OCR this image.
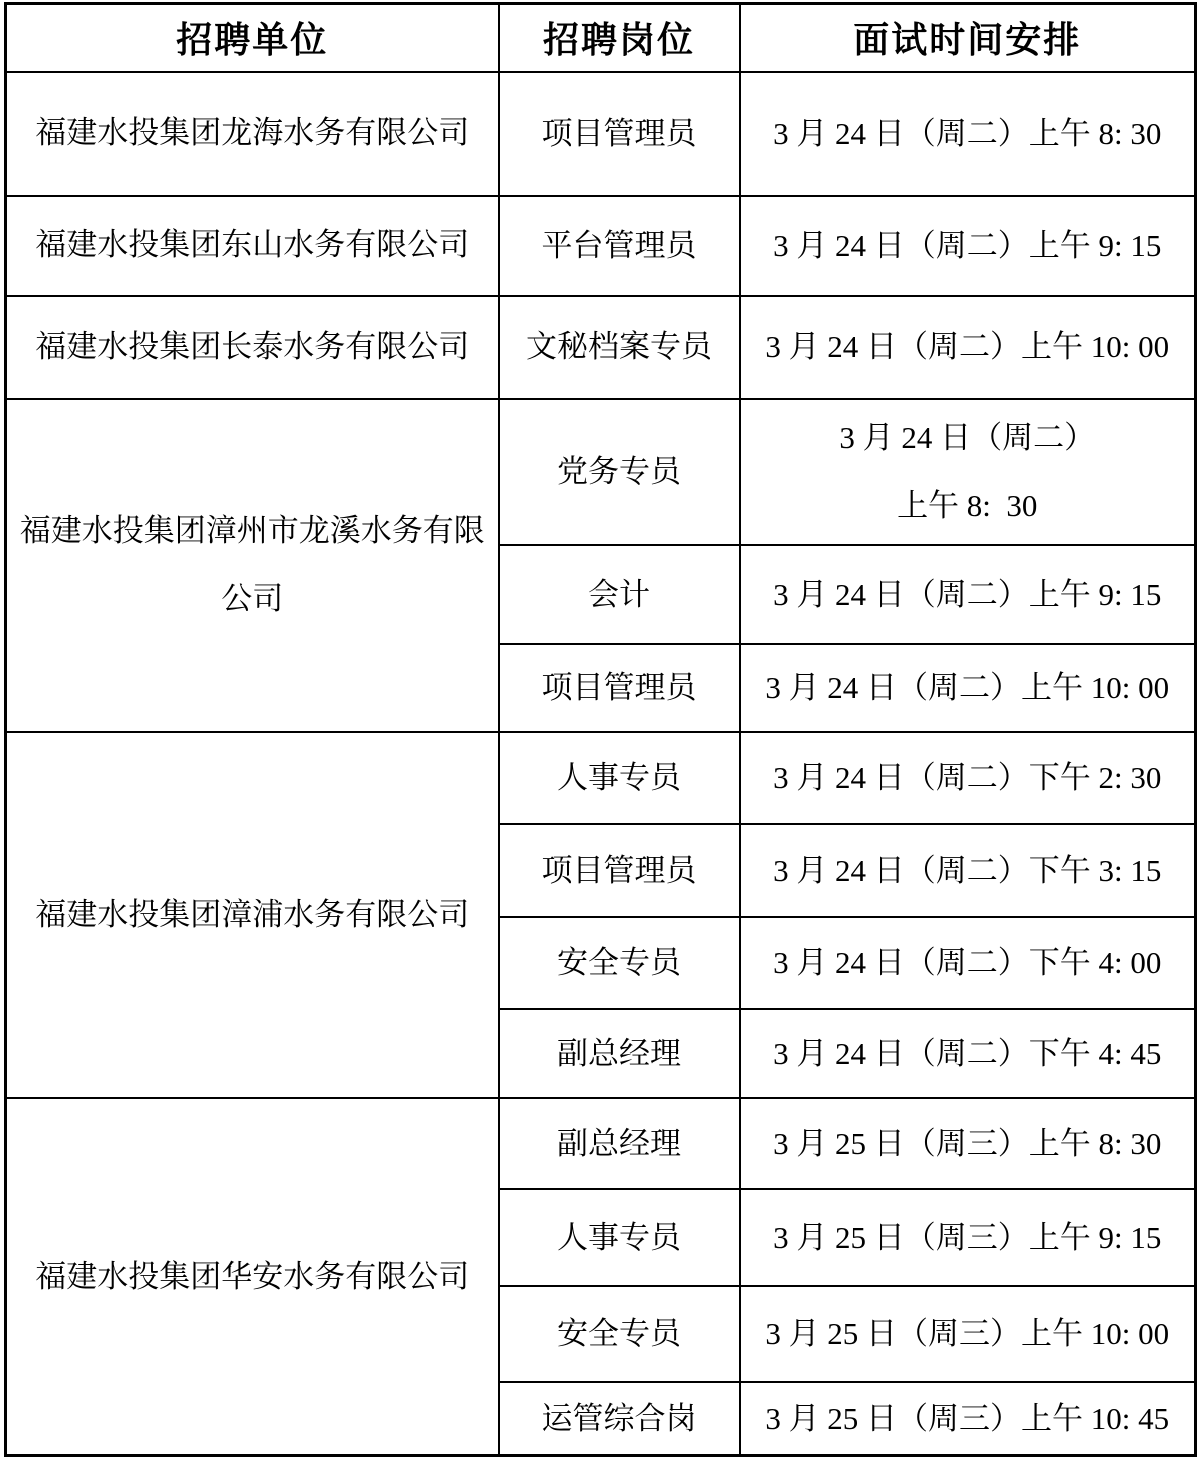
招聘单位	招聘岗位	面试时间安排
福建水投集团龙海水务有限公司	项目管理员	3 月 24 日（周二）上午 8: 30
福建水投集团东山水务有限公司	平台管理员	3 月 24 日（周二）上午 9: 15
福建水投集团长泰水务有限公司	文秘档案专员	3 月 24 日（周二）上午 10: 00
福建水投集团漳州市龙溪水务有限公司	党务专员	3 月 24 日（周二）
上午 8:  30

	会计	3 月 24 日（周二）上午 9: 15
	项目管理员	3 月 24 日（周二）上午 10: 00
福建水投集团漳浦水务有限公司	人事专员	3 月 24 日（周二）下午 2: 30
	项目管理员	3 月 24 日（周二）下午 3: 15
	安全专员	3 月 24 日（周二）下午 4: 00
	副总经理	3 月 24 日（周二）下午 4: 45
福建水投集团华安水务有限公司	副总经理	3 月 25 日（周三）上午 8: 30
	人事专员	3 月 25 日（周三）上午 9: 15
	安全专员	3 月 25 日（周三）上午 10: 00
	运管综合岗	3 月 25 日（周三）上午 10: 45
